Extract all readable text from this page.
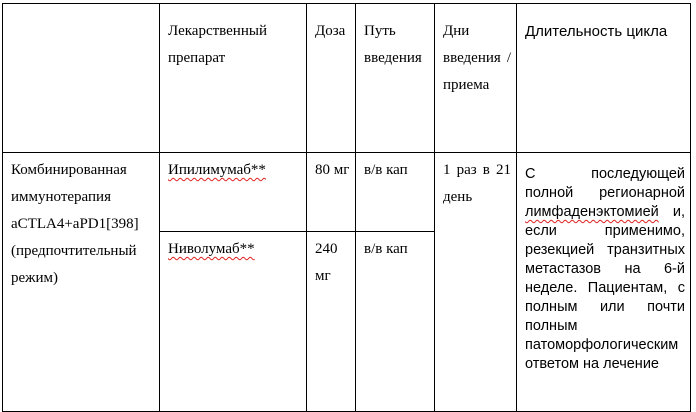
	Лекарственный препарат	Доза	Путь введения	Дни введения / приема	Длительность цикла
Комбинированная иммунотерапия aCTLA4+aPD1[398] (предпочтительный режим)	Ипилимумаб**	80 мг	в/в кап	1 раз в 21 день	С последующей полной регионарной лимфаденэктомией и, если применимо, резекцией транзитных метастазов на 6-й неделе. Пациентам, с полным или почти полным патоморфологическим ответом на лечение
	Ниволумаб**	240 мг	в/в кап		
